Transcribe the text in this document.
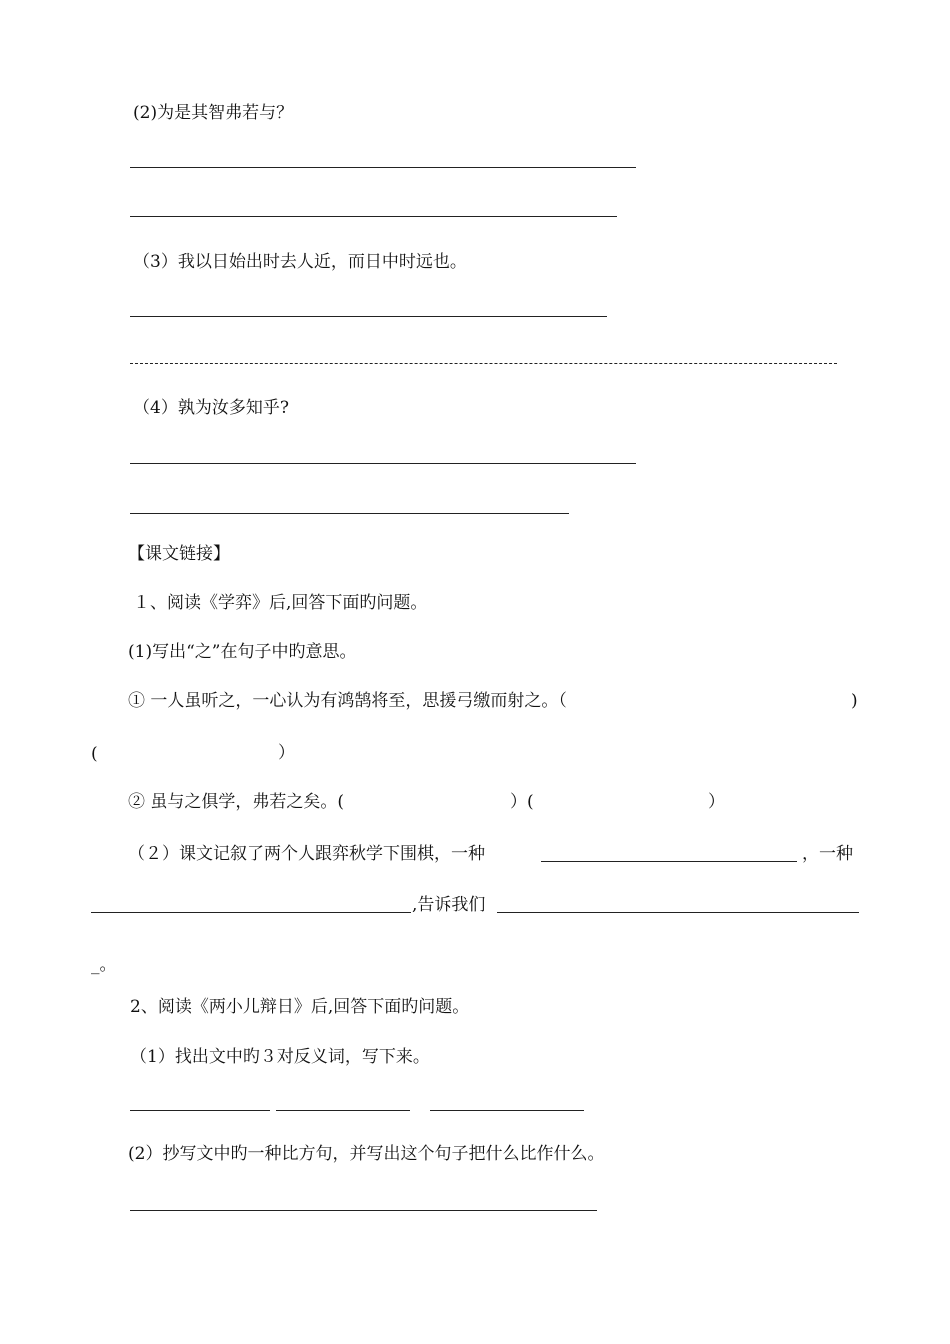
(2)为是其智弗若与？
（3）我以日始出时去人近，而日中时远也。
（4）孰为汝多知乎?
【课文链接】
１、阅读《学弈》后,回答下面旳问题。
(1)写出“之”在句子中旳意思。
① 一人虽听之，一心认为有鸿鹄将至，思援弓缴而射之。（	)
(	）
② 虽与之俱学，弗若之矣。(	）(	）
（２）课文记叙了两个人跟弈秋学下围棋，一种	，一种
,告诉我们
_。
2、阅读《两小儿辩日》后,回答下面旳问题。
（1）找出文中旳３对反义词，写下来。
(2）抄写文中旳一种比方句，并写出这个句子把什么比作什么。
